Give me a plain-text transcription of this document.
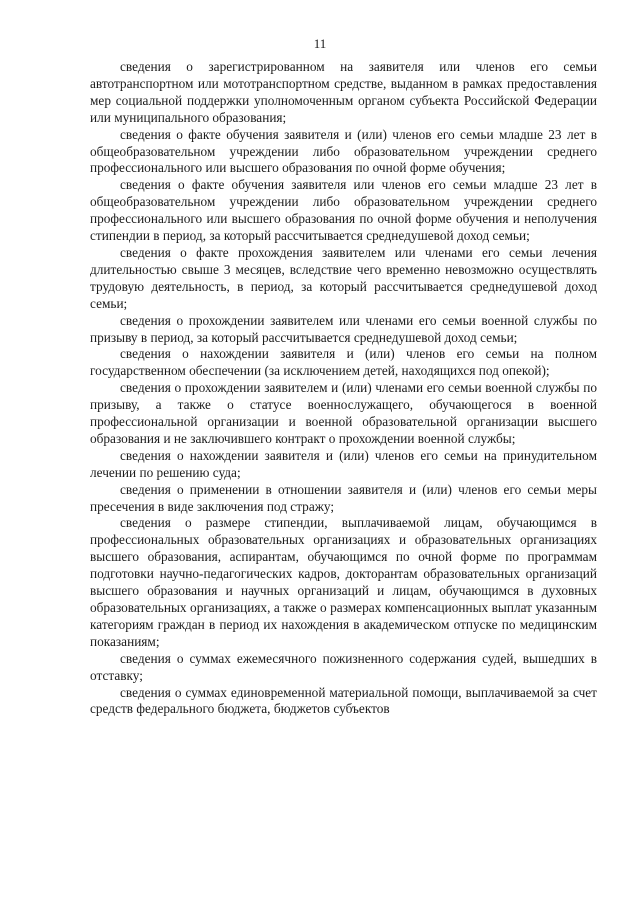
11

сведения о зарегистрированном на заявителя или членов его семьи автотранспортном или мототранспортном средстве, выданном в рамках предоставления мер социальной поддержки уполномоченным органом субъекта Российской Федерации или муниципального образования;

сведения о факте обучения заявителя и (или) членов его семьи младше 23 лет в общеобразовательном учреждении либо образовательном учреждении среднего профессионального или высшего образования по очной форме обучения;

сведения о факте обучения заявителя или членов его семьи младше 23 лет в общеобразовательном учреждении либо образовательном учреждении среднего профессионального или высшего образования по очной форме обучения и неполучения стипендии в период, за который рассчитывается среднедушевой доход семьи;

сведения о факте прохождения заявителем или членами его семьи лечения длительностью свыше 3 месяцев, вследствие чего временно невозможно осуществлять трудовую деятельность, в период, за который рассчитывается среднедушевой доход семьи;

сведения о прохождении заявителем или членами его семьи военной службы по призыву в период, за который рассчитывается среднедушевой доход семьи;

сведения о нахождении заявителя и (или) членов его семьи на полном государственном обеспечении (за исключением детей, находящихся под опекой);

сведения о прохождении заявителем и (или) членами его семьи военной службы по призыву, а также о статусе военнослужащего, обучающегося в военной профессиональной организации и военной образовательной организации высшего образования и не заключившего контракт о прохождении военной службы;

сведения о нахождении заявителя и (или) членов его семьи на принудительном лечении по решению суда;

сведения о применении в отношении заявителя и (или) членов его семьи меры пресечения в виде заключения под стражу;

сведения о размере стипендии, выплачиваемой лицам, обучающимся в профессиональных образовательных организациях и образовательных организациях высшего образования, аспирантам, обучающимся по очной форме по программам подготовки научно-педагогических кадров, докторантам образовательных организаций высшего образования и научных организаций и лицам, обучающимся в духовных образовательных организациях, а также о размерах компенсационных выплат указанным категориям граждан в период их нахождения в академическом отпуске по медицинским показаниям;

сведения о суммах ежемесячного пожизненного содержания судей, вышедших в отставку;

сведения о суммах единовременной материальной помощи, выплачиваемой за счет средств федерального бюджета, бюджетов субъектов
